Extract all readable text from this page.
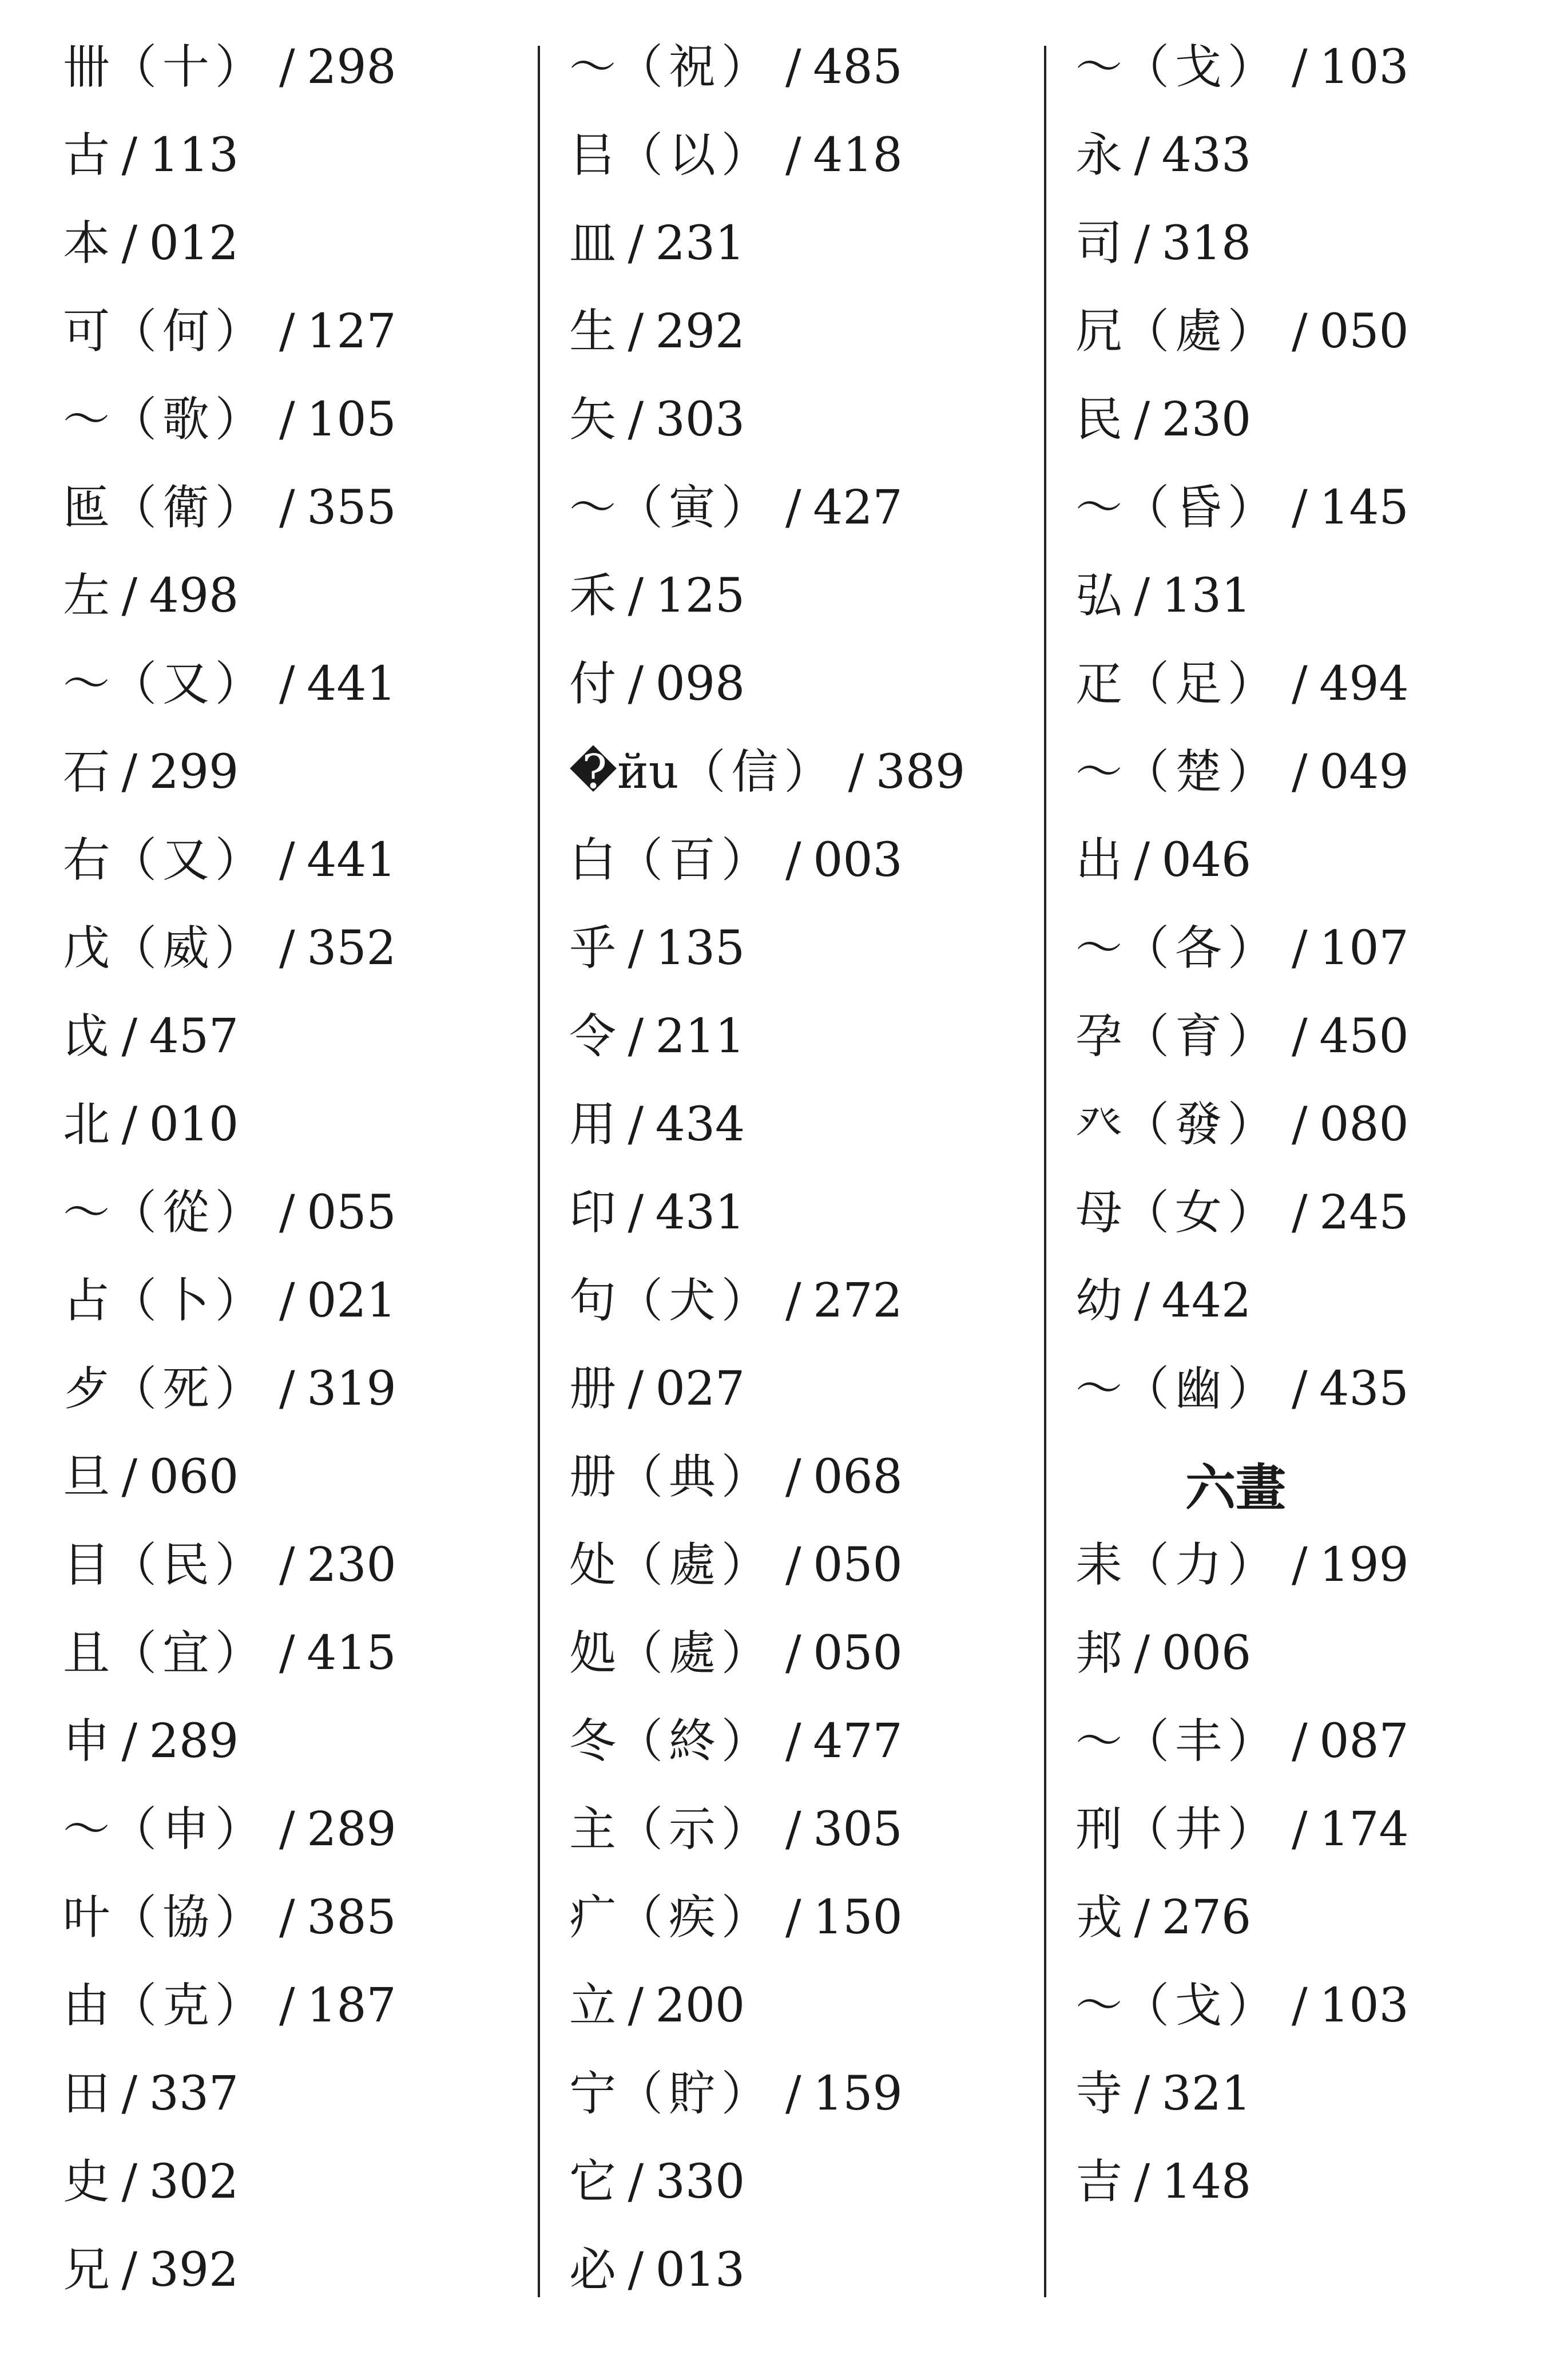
卌（十） / 298
古 / 113
本 / 012
可（何） / 127
～（歌） / 105
匜（衛） / 355
左 / 498
～（又） / 441
石 / 299
右（又） / 441
戊（威） / 352
戉 / 457
北 / 010
～（從） / 055
占（卜） / 021
歺（死） / 319
旦 / 060
目（民） / 230
且（宜） / 415
申 / 289
～（申） / 289
叶（協） / 385
由（克） / 187
田 / 337
史 / 302
兄 / 392
～（祝） / 485
㠯（以） / 418
皿 / 231
生 / 292
矢 / 303
～（寅） / 427
禾 / 125
付 / 098
�йu（信） / 389
白（百） / 003
乎 / 135
令 / 211
用 / 434
印 / 431
句（犬） / 272
册 / 027
册（典） / 068
处（處） / 050
処（處） / 050
冬（終） / 477
主（示） / 305
疒（疾） / 150
立 / 200
宁（貯） / 159
它 / 330
必 / 013
～（戈） / 103
永 / 433
司 / 318
凥（處） / 050
民 / 230
～（昏） / 145
弘 / 131
疋（足） / 494
～（楚） / 049
出 / 046
～（各） / 107
孕（育） / 450
癶（發） / 080
母（女） / 245
幼 / 442
～（幽） / 435
六畫
耒（力） / 199
邦 / 006
～（丰） / 087
刑（井） / 174
戎 / 276
～（戈） / 103
寺 / 321
吉 / 148
